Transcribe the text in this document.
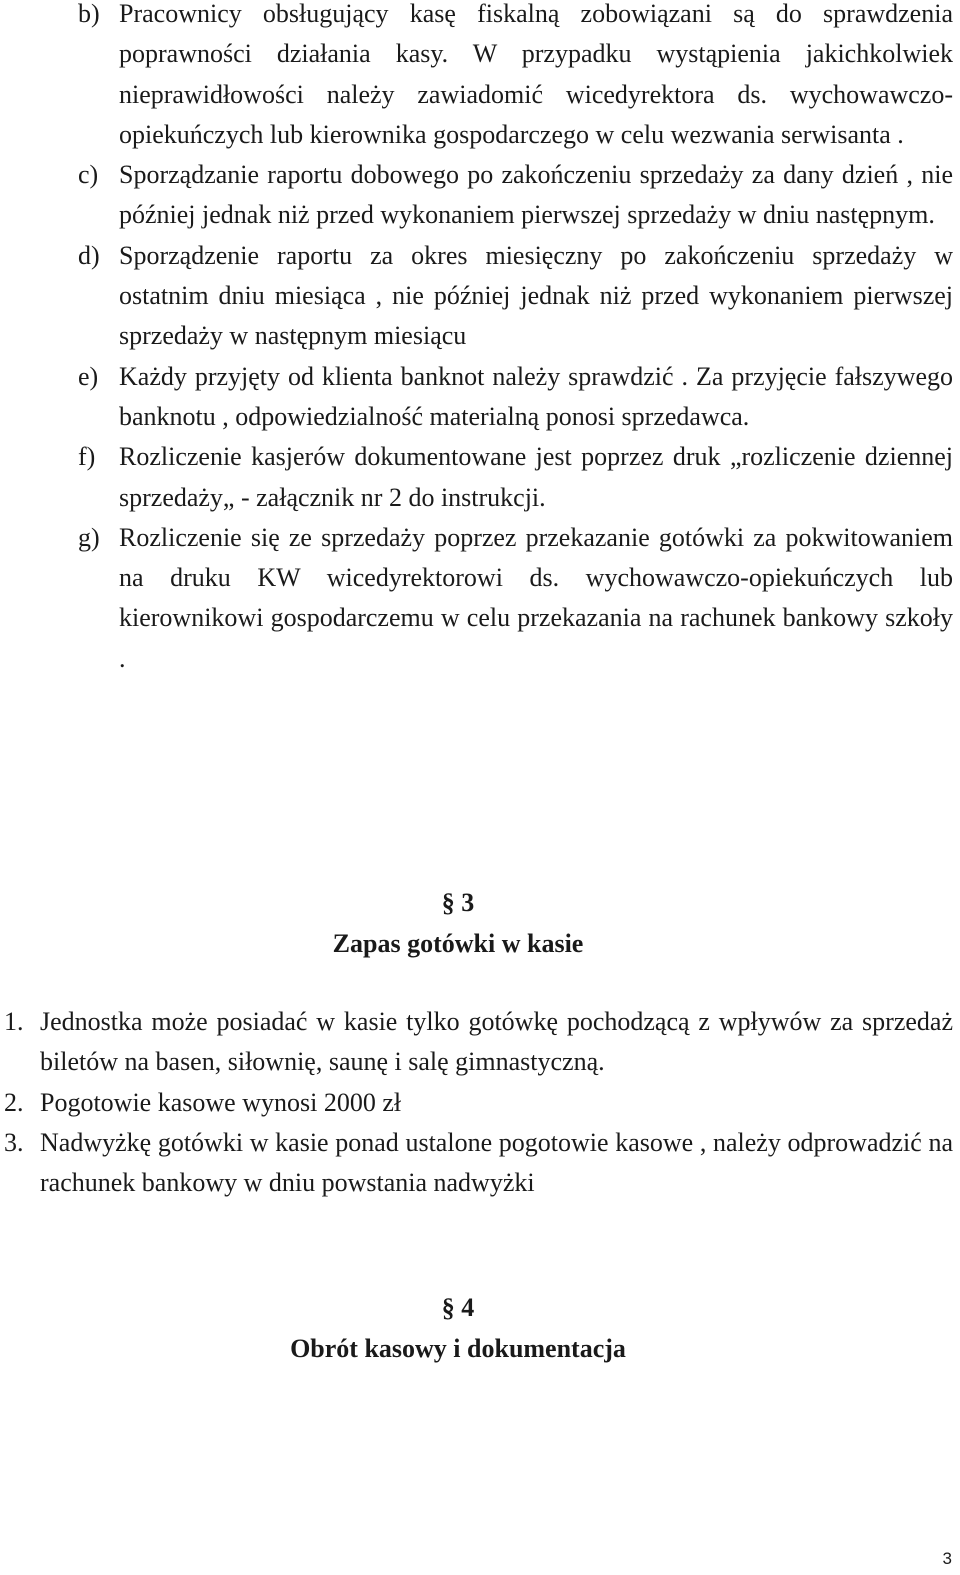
b) Pracownicy obsługujący kasę fiskalną zobowiązani są do sprawdzenia poprawności działania kasy. W przypadku wystąpienia jakichkolwiek nieprawidłowości należy zawiadomić wicedyrektora ds. wychowawczo-opiekuńczych lub kierownika gospodarczego w celu wezwania serwisanta .
c) Sporządzanie raportu dobowego po zakończeniu sprzedaży za dany dzień , nie później jednak niż przed wykonaniem pierwszej sprzedaży w dniu następnym.
d) Sporządzenie raportu za okres miesięczny po zakończeniu sprzedaży w ostatnim dniu miesiąca , nie później jednak niż przed wykonaniem pierwszej sprzedaży w następnym miesiącu
e) Każdy przyjęty od klienta banknot należy sprawdzić . Za przyjęcie fałszywego banknotu , odpowiedzialność materialną ponosi sprzedawca.
f) Rozliczenie kasjerów dokumentowane jest poprzez druk „rozliczenie dziennej sprzedaży„ - załącznik nr 2 do instrukcji.
g) Rozliczenie się ze sprzedaży poprzez przekazanie gotówki za pokwitowaniem na druku KW wicedyrektorowi ds. wychowawczo-opiekuńczych lub kierownikowi gospodarczemu w celu przekazania na rachunek bankowy szkoły .
§ 3
Zapas gotówki w kasie
1. Jednostka może posiadać w kasie tylko gotówkę pochodzącą z wpływów za sprzedaż biletów na basen, siłownię, saunę i salę gimnastyczną.
2. Pogotowie kasowe wynosi 2000 zł
3. Nadwyżkę gotówki w kasie ponad ustalone pogotowie kasowe , należy odprowadzić na rachunek bankowy w dniu powstania nadwyżki
§ 4
Obrót kasowy i dokumentacja
3
